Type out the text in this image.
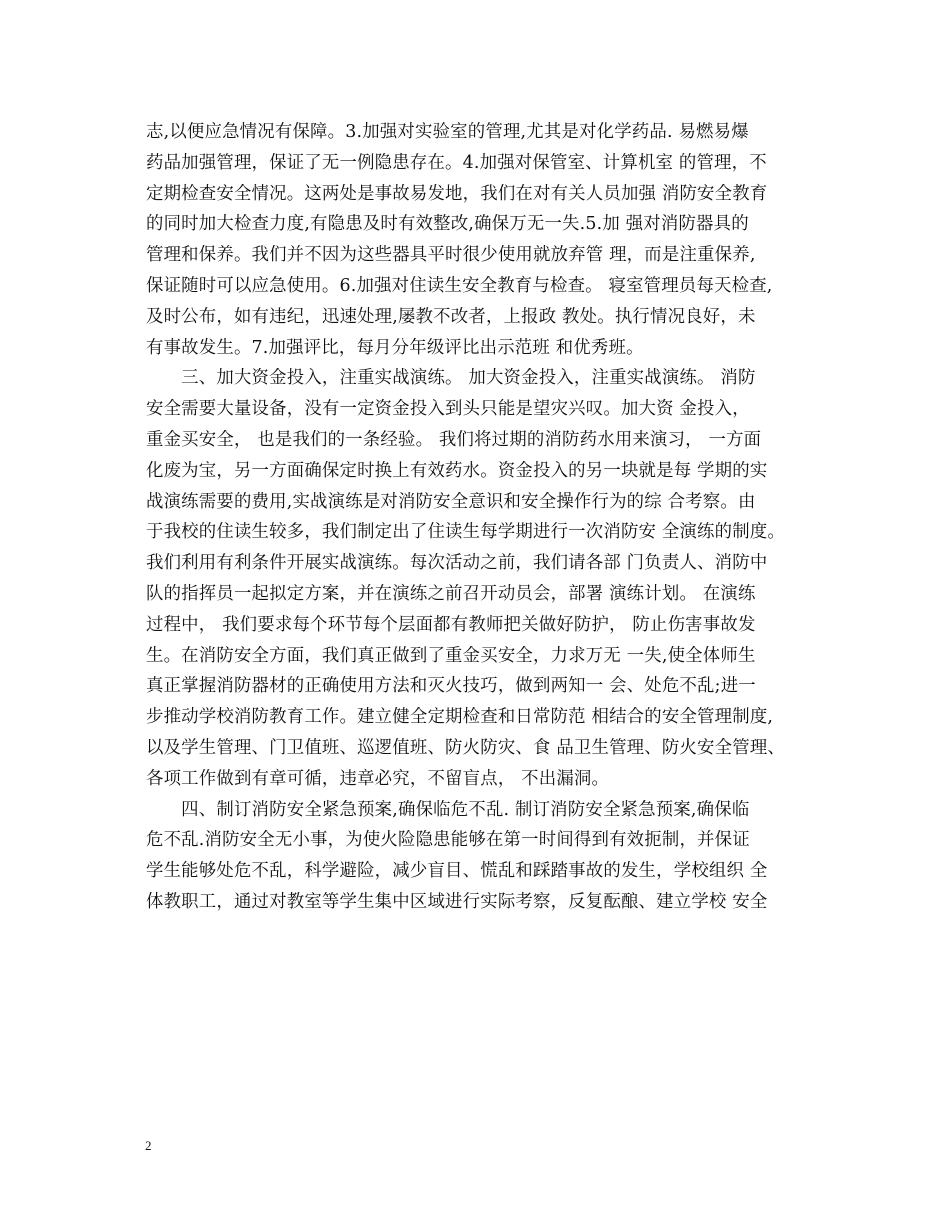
志,以便应急情况有保障。3.加强对实验室的管理,尤其是对化学药品. 易燃易爆
药品加强管理，保证了无一例隐患存在。4.加强对保管室、计算机室 的管理，不
定期检查安全情况。这两处是事故易发地，我们在对有关人员加强 消防安全教育
的同时加大检查力度,有隐患及时有效整改,确保万无一失.5.加 强对消防器具的
管理和保养。我们并不因为这些器具平时很少使用就放弃管 理，而是注重保养,
保证随时可以应急使用。6.加强对住读生安全教育与检查。 寝室管理员每天检查,
及时公布，如有违纪，迅速处理,屡教不改者，上报政 教处。执行情况良好，未
有事故发生。7.加强评比，每月分年级评比出示范班 和优秀班。
　　三、加大资金投入，注重实战演练。 加大资金投入，注重实战演练。 消防
安全需要大量设备，没有一定资金投入到头只能是望灾兴叹。加大资 金投入，
重金买安全， 也是我们的一条经验。 我们将过期的消防药水用来演习， 一方面
化废为宝，另一方面确保定时换上有效药水。资金投入的另一块就是每 学期的实
战演练需要的费用,实战演练是对消防安全意识和安全操作行为的综 合考察。由
于我校的住读生较多，我们制定出了住读生每学期进行一次消防安 全演练的制度。
我们利用有利条件开展实战演练。每次活动之前，我们请各部 门负责人、消防中
队的指挥员一起拟定方案，并在演练之前召开动员会，部署 演练计划。 在演练
过程中， 我们要求每个环节每个层面都有教师把关做好防护， 防止伤害事故发
生。在消防安全方面，我们真正做到了重金买安全，力求万无 一失,使全体师生
真正掌握消防器材的正确使用方法和灭火技巧，做到两知一 会、处危不乱;进一
步推动学校消防教育工作。建立健全定期检查和日常防范 相结合的安全管理制度,
以及学生管理、门卫值班、巡逻值班、防火防灾、食 品卫生管理、防火安全管理、
各项工作做到有章可循，违章必究，不留盲点， 不出漏洞。
　　四、制订消防安全紧急预案,确保临危不乱. 制订消防安全紧急预案,确保临
危不乱.消防安全无小事，为使火险隐患能够在第一时间得到有效扼制，并保证
学生能够处危不乱，科学避险，减少盲目、慌乱和踩踏事故的发生，学校组织 全
体教职工，通过对教室等学生集中区域进行实际考察，反复酝酿、建立学校 安全
2
